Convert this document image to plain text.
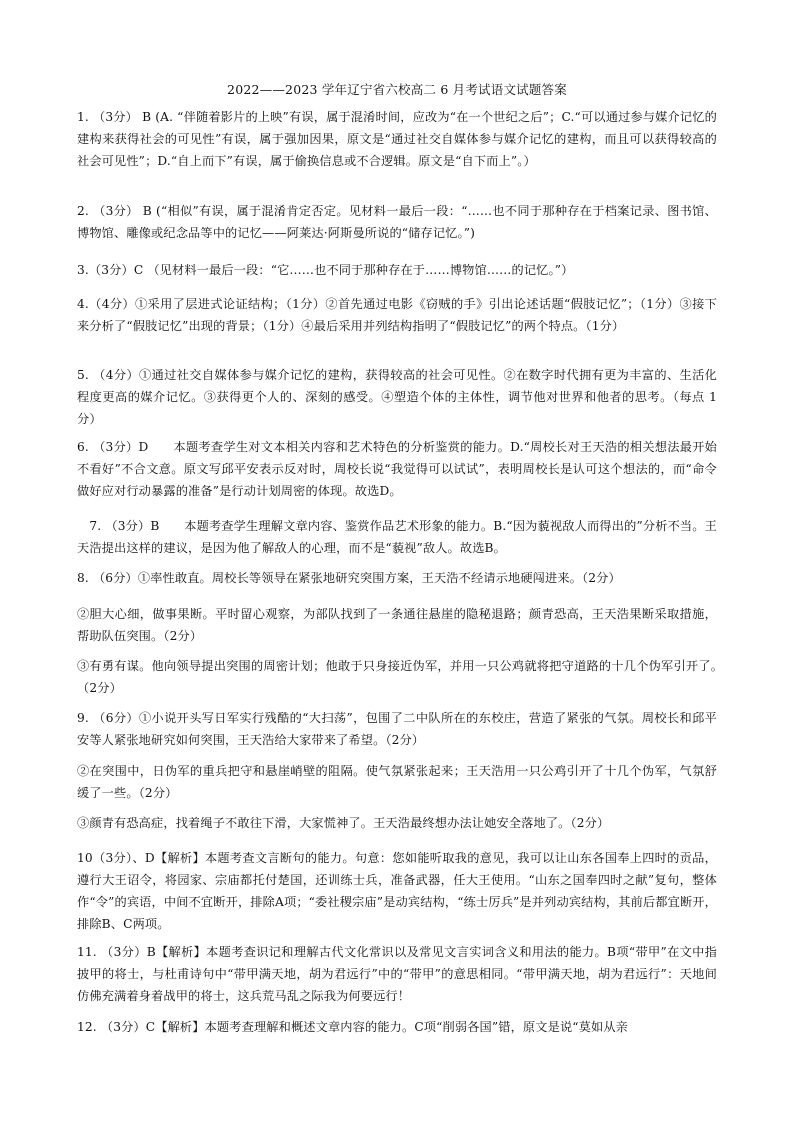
2022——2023 学年辽宁省六校高二 6 月考试语文试题答案
1. （3分） B (A. “伴随着影片的上映”有误，属于混淆时间，应改为“在一个世纪之后”；C.“可以通过参与媒介记忆的建构来获得社会的可见性”有误，属于强加因果，原文是“通过社交自媒体参与媒介记忆的建构，而且可以获得较高的社会可见性”；D.“自上而下”有误，属于偷换信息或不合逻辑。原文是“自下而上”。）
2. （3分） B (“相似”有误，属于混淆肯定否定。见材料一最后一段：“……也不同于那种存在于档案记录、图书馆、博物馆、雕像或纪念品等中的记忆——阿莱达·阿斯曼所说的“储存记忆。”)
3.（3分）C （见材料一最后一段：“它……也不同于那种存在于……博物馆……的记忆。”）
4.（4分）①采用了层进式论证结构；（1分）②首先通过电影《窃贼的手》引出论述话题“假肢记忆”；（1分）③接下来分析了“假肢记忆”出现的背景；（1分）④最后采用并列结构指明了“假肢记忆”的两个特点。（1分）
5. （4分）①通过社交自媒体参与媒介记忆的建构，获得较高的社会可见性。②在数字时代拥有更为丰富的、生活化程度更高的媒介记忆。③获得更个人的、深刻的感受。④塑造个体的主体性，调节他对世界和他者的思考。（每点 1分）
6. （3分）D　　本题考查学生对文本相关内容和艺术特色的分析鉴赏的能力。D.“周校长对王天浩的相关想法最开始不看好”不合文意。原文写邱平安表示反对时，周校长说“我觉得可以试试”，表明周校长是认可这个想法的，而“命令做好应对行动暴露的准备”是行动计划周密的体现。故选D。
　7. （3分）B　　本题考查学生理解文章内容、鉴赏作品艺术形象的能力。B.“因为藐视敌人而得出的”分析不当。王天浩提出这样的建议，是因为他了解敌人的心理，而不是“藐视”敌人。故选B。
8. （6分）①率性敢直。周校长等领导在紧张地研究突围方案，王天浩不经请示地硬闯进来。（2分）
②胆大心细，做事果断。平时留心观察，为部队找到了一条通往悬崖的隐秘退路；颜青恐高，王天浩果断采取措施，帮助队伍突围。（2分）
③有勇有谋。他向领导提出突围的周密计划；他敢于只身接近伪军，并用一只公鸡就将把守道路的十几个伪军引开了。　（2分）
9. （6分）①小说开头写日军实行残酷的“大扫荡”，包围了二中队所在的东校庄，营造了紧张的气氛。周校长和邱平安等人紧张地研究如何突围，王天浩给大家带来了希望。（2分）
②在突围中，日伪军的重兵把守和悬崖峭壁的阻隔。使气氛紧张起来；王天浩用一只公鸡引开了十几个伪军，气氛舒缓了一些。（2分）
③颜青有恐高症，找着绳子不敢往下滑，大家慌神了。王天浩最终想办法让她安全落地了。（2分）
10（3分）、D【解析】本题考查文言断句的能力。句意：您如能听取我的意见，我可以让山东各国奉上四时的贡品，遵行大王诏令，将园家、宗庙都托付楚国，还训练士兵，准备武器，任大王使用。“山东之国奉四时之献”复句，整体作“令”的宾语，中间不宜断开，排除A项；“委社稷宗庙”是动宾结构，“练士厉兵”是并列动宾结构，其前后都宜断开，排除B、C两项。
11. （3分）B【解析】本题考查识记和理解古代文化常识以及常见文言实词含义和用法的能力。B项“带甲”在文中指披甲的将士，与杜甫诗句中“带甲满天地，胡为君远行”中的“带甲”的意思相同。“带甲满天地，胡为君远行”：天地间仿佛充满着身着战甲的将士，这兵荒马乱之际我为何要远行！
12. （3分）C【解析】本题考查理解和概述文章内容的能力。C项“削弱各国”错，原文是说“莫如从亲
